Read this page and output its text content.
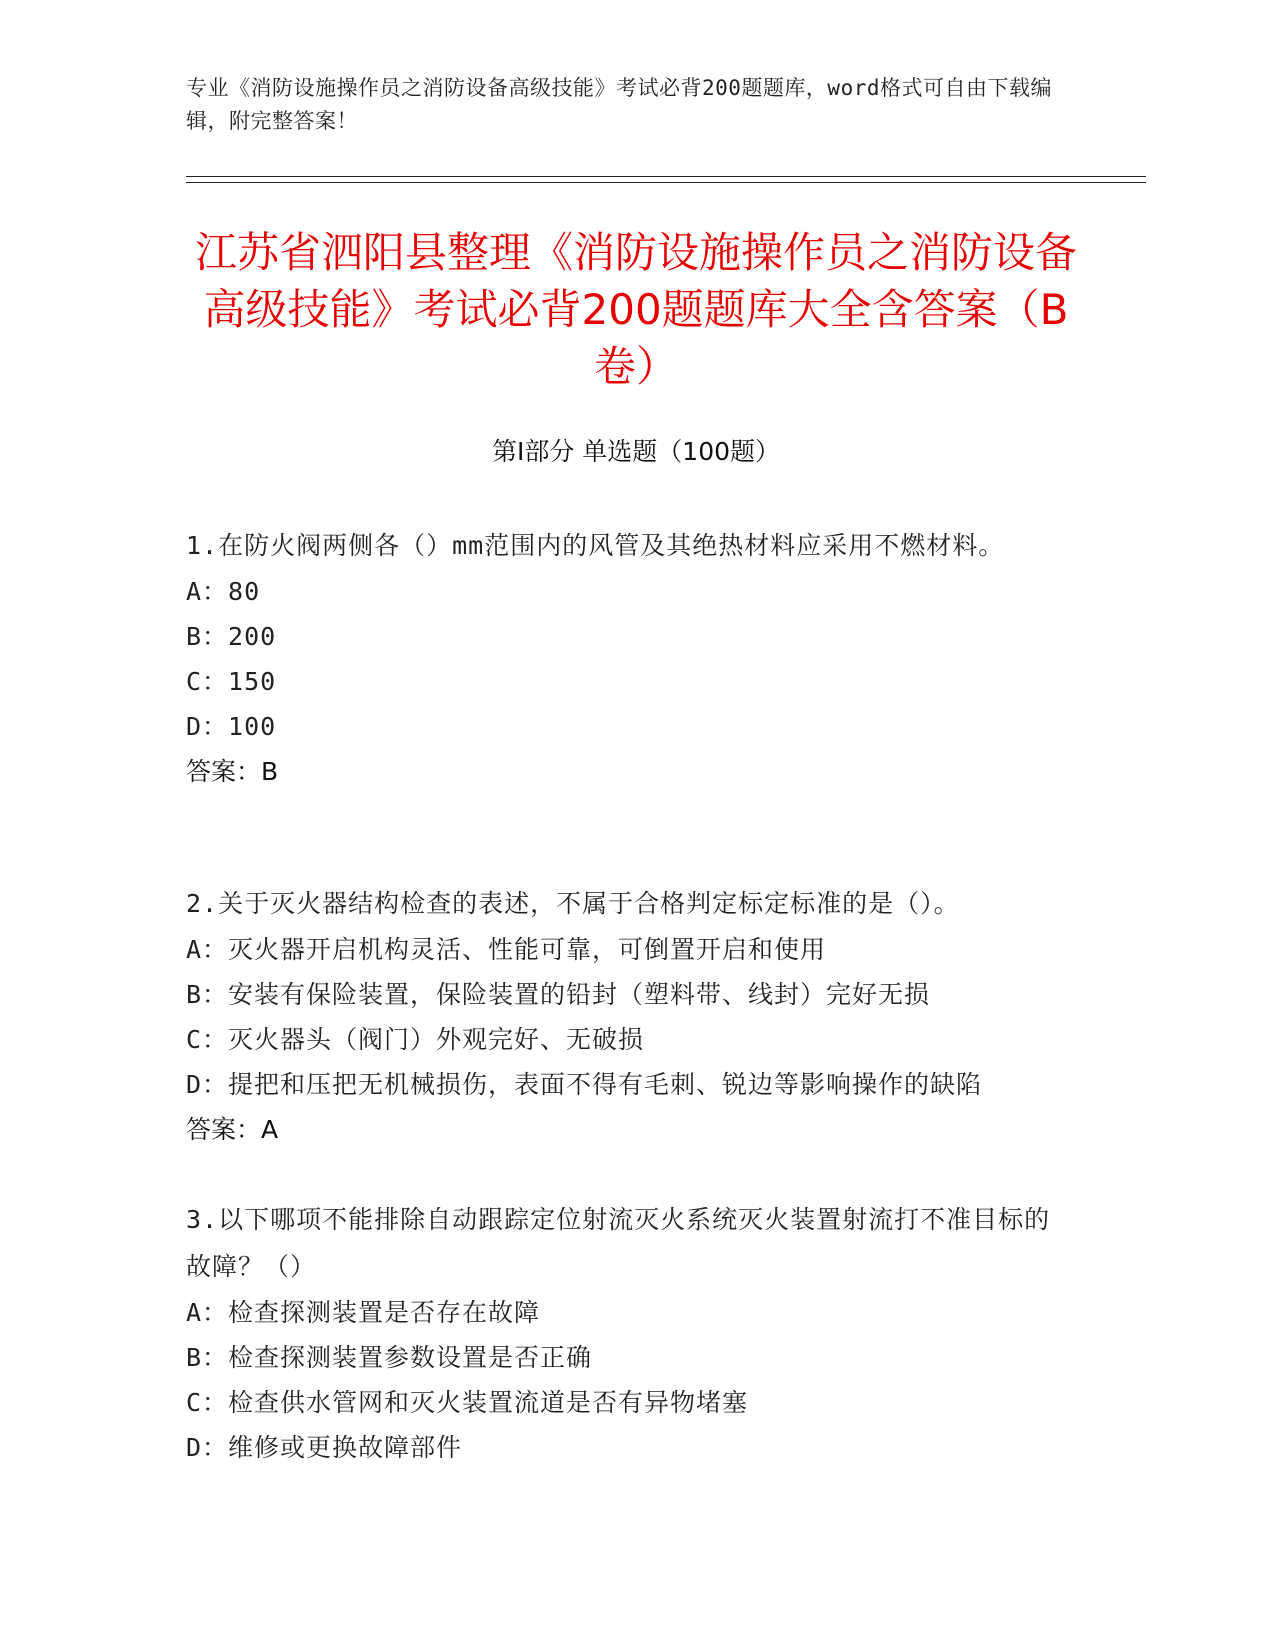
专业《消防设施操作员之消防设备高级技能》考试必背200题题库，word格式可自由下载编辑，附完整答案！
江苏省泗阳县整理《消防设施操作员之消防设备高级技能》考试必背200题题库大全含答案（B卷）
第I部分 单选题（100题）
1.在防火阀两侧各（）mm范围内的风管及其绝热材料应采用不燃材料。
A：80
B：200
C：150
D：100
答案：B
2.关于灭火器结构检查的表述，不属于合格判定标定标准的是（）。
A：灭火器开启机构灵活、性能可靠，可倒置开启和使用
B：安装有保险装置，保险装置的铅封（塑料带、线封）完好无损
C：灭火器头（阀门）外观完好、无破损
D：提把和压把无机械损伤，表面不得有毛刺、锐边等影响操作的缺陷
答案：A
3.以下哪项不能排除自动跟踪定位射流灭火系统灭火装置射流打不准目标的故障？（）
A：检查探测装置是否存在故障
B：检查探测装置参数设置是否正确
C：检查供水管网和灭火装置流道是否有异物堵塞
D：维修或更换故障部件
